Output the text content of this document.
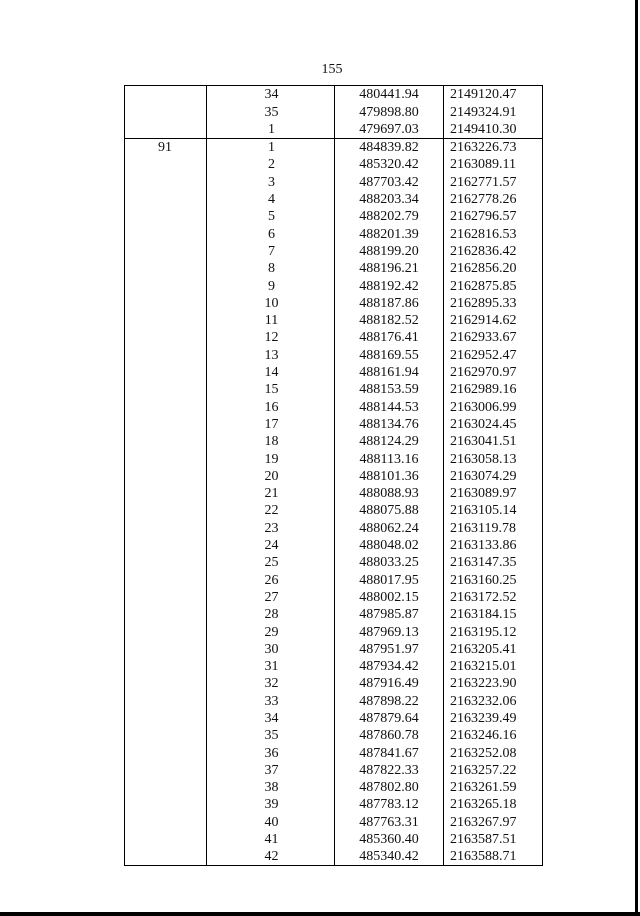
155
	34	480441.94	2149120.47
	35	479898.80	2149324.91
	1	479697.03	2149410.30
91	1	484839.82	2163226.73
	2	485320.42	2163089.11
	3	487703.42	2162771.57
	4	488203.34	2162778.26
	5	488202.79	2162796.57
	6	488201.39	2162816.53
	7	488199.20	2162836.42
	8	488196.21	2162856.20
	9	488192.42	2162875.85
	10	488187.86	2162895.33
	11	488182.52	2162914.62
	12	488176.41	2162933.67
	13	488169.55	2162952.47
	14	488161.94	2162970.97
	15	488153.59	2162989.16
	16	488144.53	2163006.99
	17	488134.76	2163024.45
	18	488124.29	2163041.51
	19	488113.16	2163058.13
	20	488101.36	2163074.29
	21	488088.93	2163089.97
	22	488075.88	2163105.14
	23	488062.24	2163119.78
	24	488048.02	2163133.86
	25	488033.25	2163147.35
	26	488017.95	2163160.25
	27	488002.15	2163172.52
	28	487985.87	2163184.15
	29	487969.13	2163195.12
	30	487951.97	2163205.41
	31	487934.42	2163215.01
	32	487916.49	2163223.90
	33	487898.22	2163232.06
	34	487879.64	2163239.49
	35	487860.78	2163246.16
	36	487841.67	2163252.08
	37	487822.33	2163257.22
	38	487802.80	2163261.59
	39	487783.12	2163265.18
	40	487763.31	2163267.97
	41	485360.40	2163587.51
	42	485340.42	2163588.71
